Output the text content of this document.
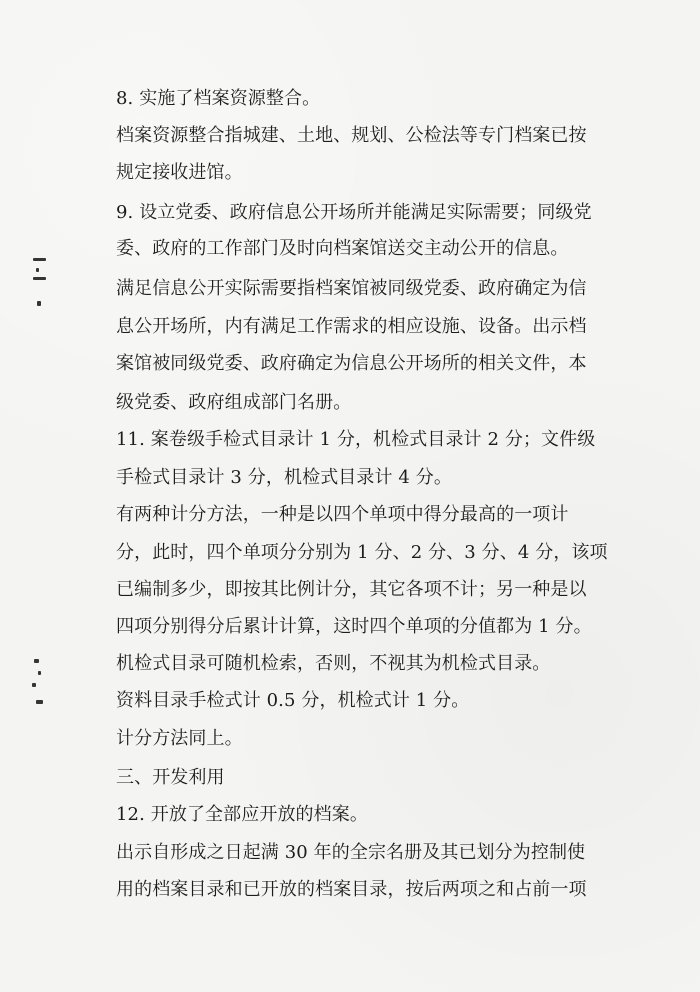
8. 实施了档案资源整合。
档案资源整合指城建、土地、规划、公检法等专门档案已按
规定接收进馆。
9. 设立党委、政府信息公开场所并能满足实际需要；同级党
委、政府的工作部门及时向档案馆送交主动公开的信息。
满足信息公开实际需要指档案馆被同级党委、政府确定为信
息公开场所，内有满足工作需求的相应设施、设备。出示档
案馆被同级党委、政府确定为信息公开场所的相关文件，本
级党委、政府组成部门名册。
11. 案卷级手检式目录计 1 分，机检式目录计 2 分；文件级
手检式目录计 3 分，机检式目录计 4 分。
有两种计分方法，一种是以四个单项中得分最高的一项计
分，此时，四个单项分分别为 1 分、2 分、3 分、4 分，该项
已编制多少，即按其比例计分，其它各项不计；另一种是以
四项分别得分后累计计算，这时四个单项的分值都为 1 分。
机检式目录可随机检索，否则，不视其为机检式目录。
资料目录手检式计 0.5 分，机检式计 1 分。
计分方法同上。
三、开发利用
12. 开放了全部应开放的档案。
出示自形成之日起满 30 年的全宗名册及其已划分为控制使
用的档案目录和已开放的档案目录，按后两项之和占前一项
